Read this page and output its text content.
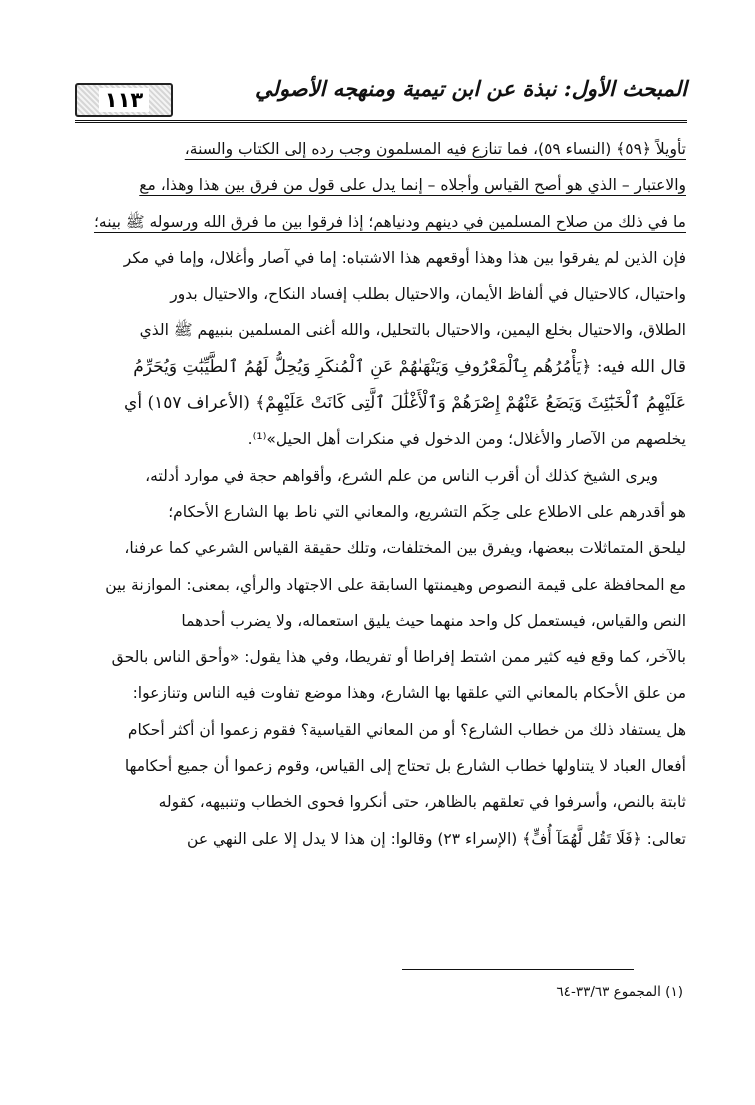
١١٣	المبحث الأول: نبذة عن ابن تيمية ومنهجه الأصولي
تأويلاً ﴿٥٩﴾ (النساء ٥٩)، فما تنازع فيه المسلمون وجب رده إلى الكتاب والسنة،
والاعتبار – الذي هو أصح القياس وأجلاه – إنما يدل على قول من فرق بين هذا وهذا، مع
ما في ذلك من صلاح المسلمين في دينهم ودنياهم؛ إذا فرقوا بين ما فرق الله ورسوله ﷺ بينه؛
فإن الذين لم يفرقوا بين هذا وهذا أوقعهم هذا الاشتباه: إما في آصار وأغلال، وإما في مكر
واحتيال، كالاحتيال في ألفاظ الأيمان، والاحتيال بطلب إفساد النكاح، والاحتيال بدور
الطلاق، والاحتيال بخلع اليمين، والاحتيال بالتحليل، والله أغنى المسلمين بنبيهم ﷺ الذي
قال الله فيه: ﴿يَأْمُرُهُم بِٱلْمَعْرُوفِ وَيَنْهَىٰهُمْ عَنِ ٱلْمُنكَرِ وَيُحِلُّ لَهُمُ ٱلطَّيِّبَٰتِ وَيُحَرِّمُ
عَلَيْهِمُ ٱلْخَبَٰٓئِثَ وَيَضَعُ عَنْهُمْ إِصْرَهُمْ وَٱلْأَغْلَٰلَ ٱلَّتِى كَانَتْ عَلَيْهِمْ﴾ (الأعراف ١٥٧) أي
يخلصهم من الآصار والأغلال؛ ومن الدخول في منكرات أهل الحيل»⁽¹⁾.
ويرى الشيخ كذلك أن أقرب الناس من علم الشرع، وأقواهم حجة في موارد أدلته،
هو أقدرهم على الاطلاع على حِكَم التشريع، والمعاني التي ناط بها الشارع الأحكام؛
ليلحق المتماثلات ببعضها، ويفرق بين المختلفات، وتلك حقيقة القياس الشرعي كما عرفنا،
مع المحافظة على قيمة النصوص وهيمنتها السابقة على الاجتهاد والرأي، بمعنى: الموازنة بين
النص والقياس، فيستعمل كل واحد منهما حيث يليق استعماله، ولا يضرب أحدهما
بالآخر، كما وقع فيه كثير ممن اشتط إفراطا أو تفريطا، وفي هذا يقول: «وأحق الناس بالحق
من علق الأحكام بالمعاني التي علقها بها الشارع، وهذا موضع تفاوت فيه الناس وتنازعوا:
هل يستفاد ذلك من خطاب الشارع؟ أو من المعاني القياسية؟ فقوم زعموا أن أكثر أحكام
أفعال العباد لا يتناولها خطاب الشارع بل تحتاج إلى القياس، وقوم زعموا أن جميع أحكامها
ثابتة بالنص، وأسرفوا في تعلقهم بالظاهر، حتى أنكروا فحوى الخطاب وتنبيهه، كقوله
تعالى: ﴿فَلَا تَقُل لَّهُمَآ أُفٍّ﴾ (الإسراء ٢٣) وقالوا: إن هذا لا يدل إلا على النهي عن
(١) المجموع ٣٣/٦٣-٦٤
